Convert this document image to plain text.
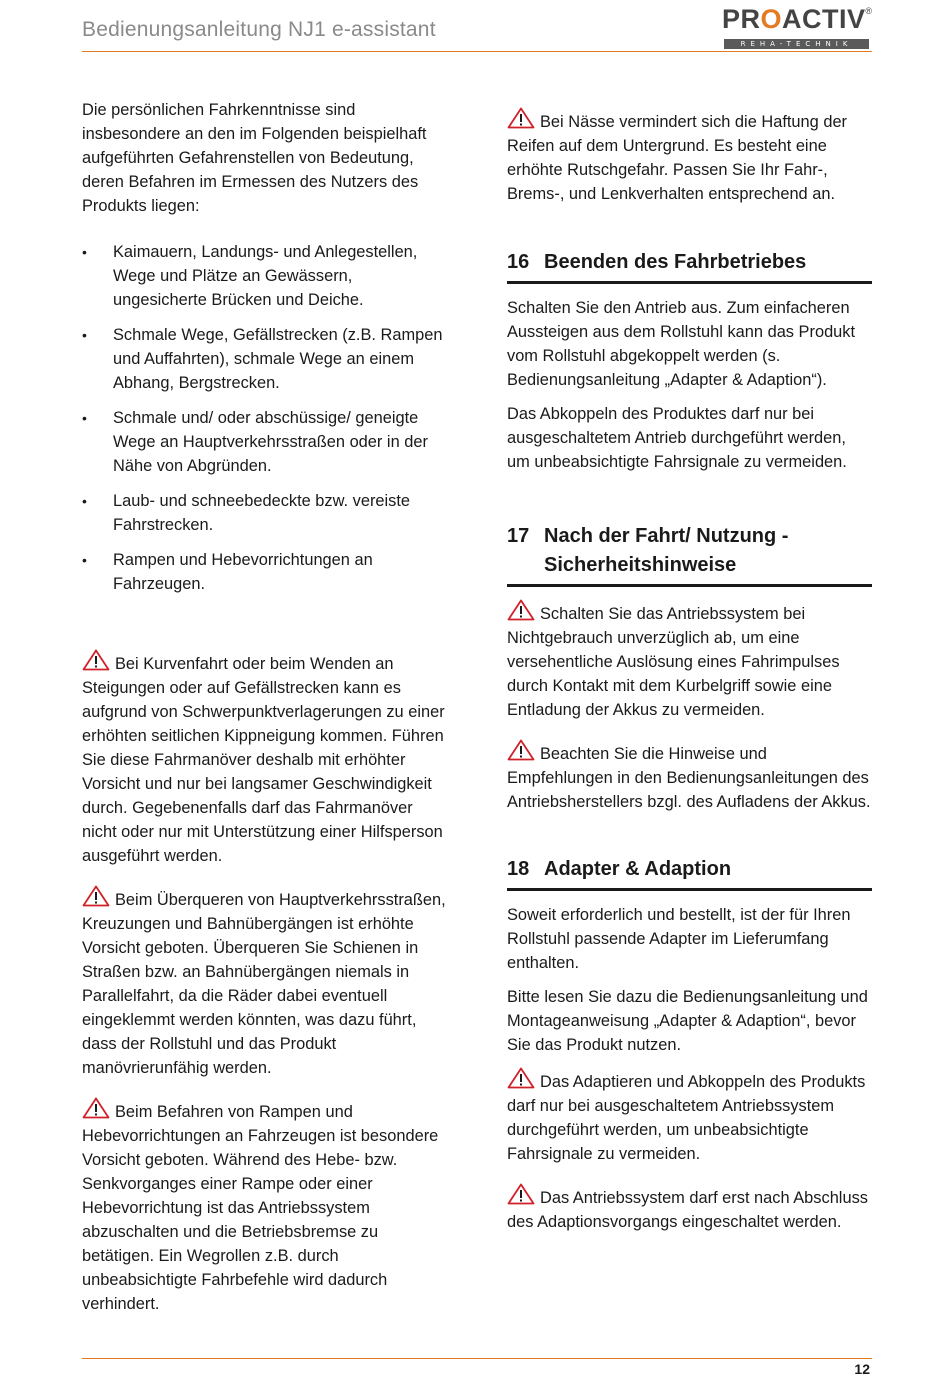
Bedienungsanleitung NJ1 e-assistant	PROACTIV ®
REHA-TECHNIK

Die persönlichen Fahrkenntnisse sind insbesondere an den im Folgenden beispielhaft aufgeführten Gefahrenstellen von Bedeutung, deren Befahren im Ermessen des Nutzers des Produkts liegen:

• Kaimauern, Landungs- und Anlegestellen, Wege und Plätze an Gewässern, ungesicherte Brücken und Deiche.
• Schmale Wege, Gefällstrecken (z.B. Rampen und Auffahrten), schmale Wege an einem Abhang, Bergstrecken.
• Schmale und/ oder abschüssige/ geneigte Wege an Hauptverkehrsstraßen oder in der Nähe von Abgründen.
• Laub- und schneebedeckte bzw. vereiste Fahrstrecken.
• Rampen und Hebevorrichtungen an Fahrzeugen.

Bei Kurvenfahrt oder beim Wenden an Steigungen oder auf Gefällstrecken kann es aufgrund von Schwerpunktverlagerungen zu einer erhöhten seitlichen Kippneigung kommen. Führen Sie diese Fahrmanöver deshalb mit erhöhter Vorsicht und nur bei langsamer Geschwindigkeit durch. Gegebenenfalls darf das Fahrmanöver nicht oder nur mit Unterstützung einer Hilfsperson ausgeführt werden.

Beim Überqueren von Hauptverkehrsstraßen, Kreuzungen und Bahnübergängen ist erhöhte Vorsicht geboten. Überqueren Sie Schienen in Straßen bzw. an Bahnübergängen niemals in Parallelfahrt, da die Räder dabei eventuell eingeklemmt werden könnten, was dazu führt, dass der Rollstuhl und das Produkt manövrierunfähig werden.

Beim Befahren von Rampen und Hebevorrichtungen an Fahrzeugen ist besondere Vorsicht geboten. Während des Hebe- bzw. Senkvorganges einer Rampe oder einer Hebevorrichtung ist das Antriebssystem abzuschalten und die Betriebsbremse zu betätigen. Ein Wegrollen z.B. durch unbeabsichtigte Fahrbefehle wird dadurch verhindert.

Bei Nässe vermindert sich die Haftung der Reifen auf dem Untergrund. Es besteht eine erhöhte Rutschgefahr. Passen Sie Ihr Fahr-, Brems-, und Lenkverhalten entsprechend an.

16 Beenden des Fahrbetriebes

Schalten Sie den Antrieb aus. Zum einfacheren Aussteigen aus dem Rollstuhl kann das Produkt vom Rollstuhl abgekoppelt werden (s. Bedienungsanleitung „Adapter & Adaption“).

Das Abkoppeln des Produktes darf nur bei ausgeschaltetem Antrieb durchgeführt werden, um unbeabsichtigte Fahrsignale zu vermeiden.

17 Nach der Fahrt/ Nutzung - Sicherheitshinweise

Schalten Sie das Antriebssystem bei Nichtgebrauch unverzüglich ab, um eine versehentliche Auslösung eines Fahrimpulses durch Kontakt mit dem Kurbelgriff sowie eine Entladung der Akkus zu vermeiden.

Beachten Sie die Hinweise und Empfehlungen in den Bedienungsanleitungen des Antriebsherstellers bzgl. des Aufladens der Akkus.

18 Adapter & Adaption

Soweit erforderlich und bestellt, ist der für Ihren Rollstuhl passende Adapter im Lieferumfang enthalten.

Bitte lesen Sie dazu die Bedienungsanleitung und Montageanweisung „Adapter & Adaption“, bevor Sie das Produkt nutzen.

Das Adaptieren und Abkoppeln des Produkts darf nur bei ausgeschaltetem Antriebssystem durchgeführt werden, um unbeabsichtigte Fahrsignale zu vermeiden.

Das Antriebssystem darf erst nach Abschluss des Adaptionsvorgangs eingeschaltet werden.

12
